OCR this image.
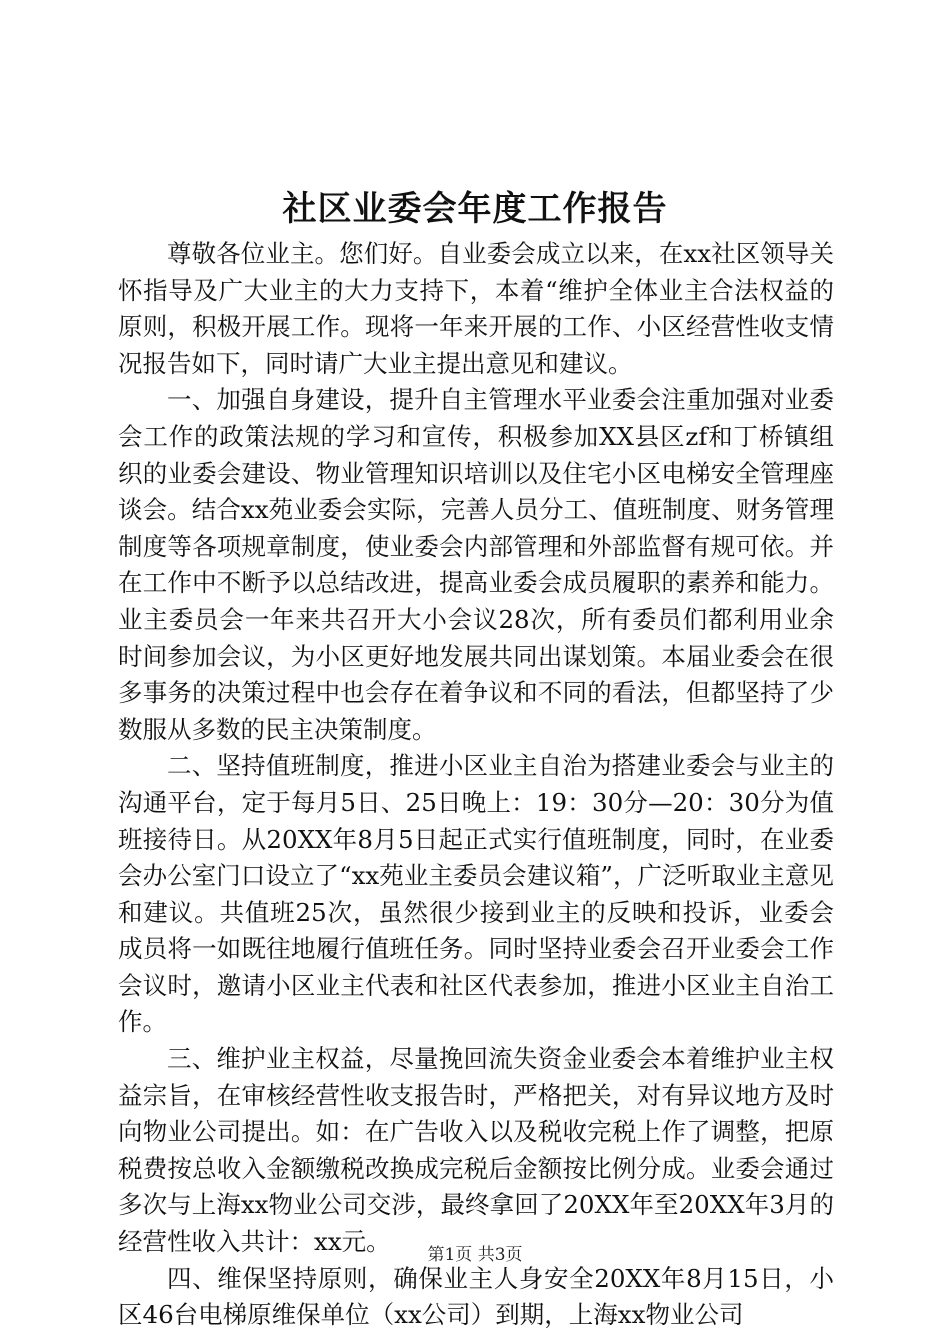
社区业委会年度工作报告

尊敬各位业主。您们好。自业委会成立以来，在xx社区领导关怀指导及广大业主的大力支持下，本着“维护全体业主合法权益的原则，积极开展工作。现将一年来开展的工作、小区经营性收支情况报告如下，同时请广大业主提出意见和建议。

一、加强自身建设，提升自主管理水平业委会注重加强对业委会工作的政策法规的学习和宣传，积极参加XX县区zf和丁桥镇组织的业委会建设、物业管理知识培训以及住宅小区电梯安全管理座谈会。结合xx苑业委会实际，完善人员分工、值班制度、财务管理制度等各项规章制度，使业委会内部管理和外部监督有规可依。并在工作中不断予以总结改进，提高业委会成员履职的素养和能力。业主委员会一年来共召开大小会议28次，所有委员们都利用业余时间参加会议，为小区更好地发展共同出谋划策。本届业委会在很多事务的决策过程中也会存在着争议和不同的看法，但都坚持了少数服从多数的民主决策制度。

二、坚持值班制度，推进小区业主自治为搭建业委会与业主的沟通平台，定于每月5日、25日晚上：19：30分—20：30分为值班接待日。从20XX年8月5日起正式实行值班制度，同时，在业委会办公室门口设立了“xx苑业主委员会建议箱”，广泛听取业主意见和建议。共值班25次，虽然很少接到业主的反映和投诉，业委会成员将一如既往地履行值班任务。同时坚持业委会召开业委会工作会议时，邀请小区业主代表和社区代表参加，推进小区业主自治工作。

三、维护业主权益，尽量挽回流失资金业委会本着维护业主权益宗旨，在审核经营性收支报告时，严格把关，对有异议地方及时向物业公司提出。如：在广告收入以及税收完税上作了调整，把原税费按总收入金额缴税改换成完税后金额按比例分成。业委会通过多次与上海xx物业公司交涉，最终拿回了20XX年至20XX年3月的经营性收入共计：xx元。

四、维保坚持原则，确保业主人身安全20XX年8月15日，小区46台电梯原维保单位（xx公司）到期，上海xx物业公司

第1页 共3页
